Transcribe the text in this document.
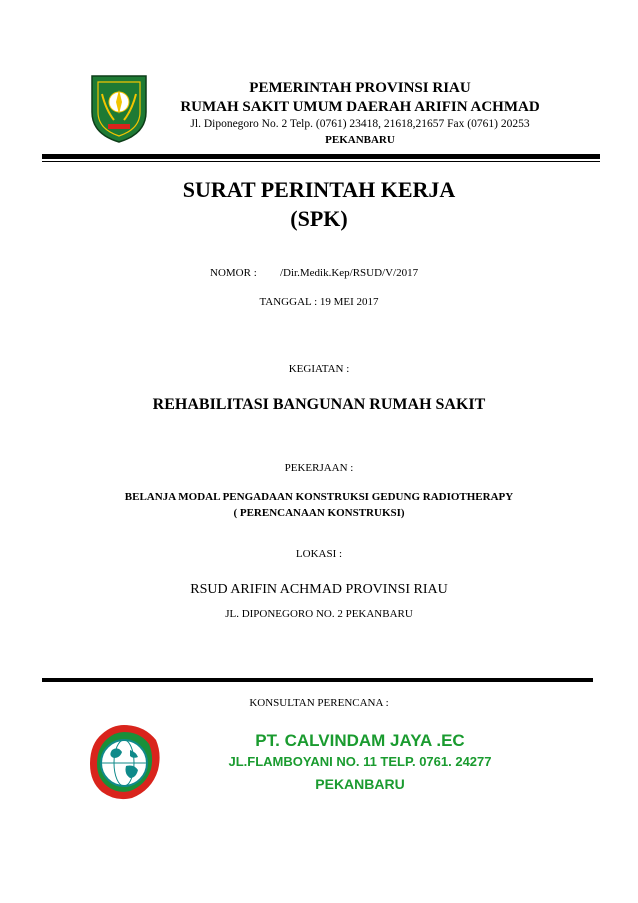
PEMERINTAH PROVINSI RIAU
RUMAH SAKIT UMUM DAERAH ARIFIN ACHMAD
Jl. Diponegoro No. 2 Telp. (0761) 23418, 21618,21657 Fax (0761) 20253
PEKANBARU
SURAT PERINTAH KERJA
(SPK)
NOMOR : /Dir.Medik.Kep/RSUD/V/2017
TANGGAL : 19 MEI 2017
KEGIATAN :
REHABILITASI BANGUNAN RUMAH SAKIT
PEKERJAAN :
BELANJA MODAL PENGADAAN KONSTRUKSI GEDUNG RADIOTHERAPY
( PERENCANAAN KONSTRUKSI)
LOKASI :
RSUD ARIFIN ACHMAD PROVINSI RIAU
JL. DIPONEGORO NO. 2 PEKANBARU
KONSULTAN PERENCANA :
PT. CALVINDAM JAYA .EC
JL.FLAMBOYANI NO. 11 TELP. 0761. 24277
PEKANBARU
